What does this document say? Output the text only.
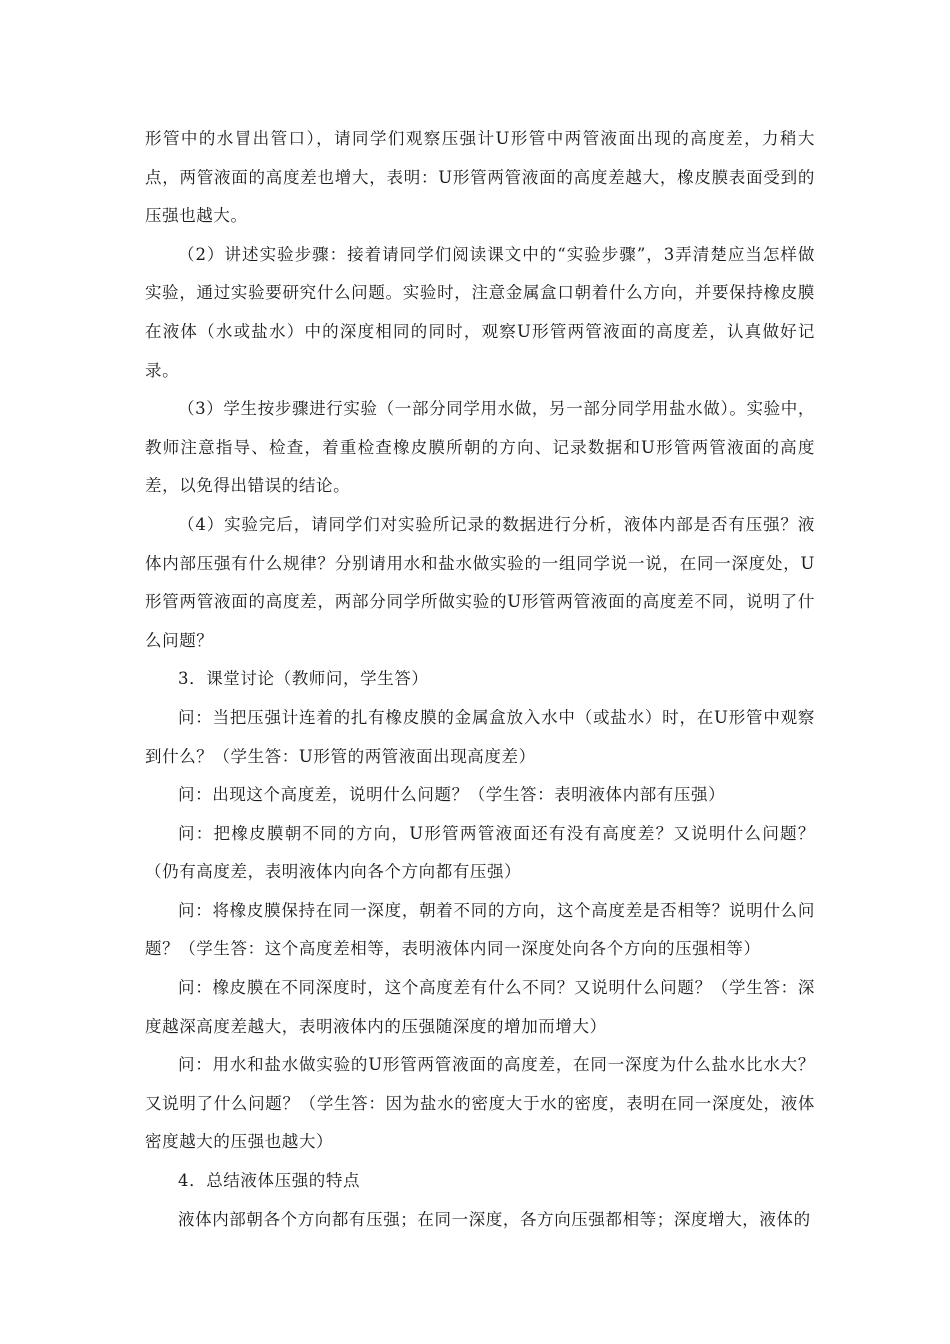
形管中的水冒出管口），请同学们观察压强计U形管中两管液面出现的高度差，力稍大点，两管液面的高度差也增大，表明：U形管两管液面的高度差越大，橡皮膜表面受到的压强也越大。

（2）讲述实验步骤：接着请同学们阅读课文中的“实验步骤”，3弄清楚应当怎样做实验，通过实验要研究什么问题。实验时，注意金属盒口朝着什么方向，并要保持橡皮膜在液体（水或盐水）中的深度相同的同时，观察U形管两管液面的高度差，认真做好记录。

（3）学生按步骤进行实验（一部分同学用水做，另一部分同学用盐水做）。实验中，教师注意指导、检查，着重检查橡皮膜所朝的方向、记录数据和U形管两管液面的高度差，以免得出错误的结论。

（4）实验完后，请同学们对实验所记录的数据进行分析，液体内部是否有压强？液体内部压强有什么规律？分别请用水和盐水做实验的一组同学说一说，在同一深度处，U形管两管液面的高度差，两部分同学所做实验的U形管两管液面的高度差不同，说明了什么问题？

3．课堂讨论（教师问，学生答）

问：当把压强计连着的扎有橡皮膜的金属盒放入水中（或盐水）时，在U形管中观察到什么？（学生答：U形管的两管液面出现高度差）

问：出现这个高度差，说明什么问题？（学生答：表明液体内部有压强）

问：把橡皮膜朝不同的方向，U形管两管液面还有没有高度差？又说明什么问题？（仍有高度差，表明液体内向各个方向都有压强）

问：将橡皮膜保持在同一深度，朝着不同的方向，这个高度差是否相等？说明什么问题？（学生答：这个高度差相等，表明液体内同一深度处向各个方向的压强相等）

问：橡皮膜在不同深度时，这个高度差有什么不同？又说明什么问题？（学生答：深度越深高度差越大，表明液体内的压强随深度的增加而增大）

问：用水和盐水做实验的U形管两管液面的高度差，在同一深度为什么盐水比水大？又说明了什么问题？（学生答：因为盐水的密度大于水的密度，表明在同一深度处，液体密度越大的压强也越大）

4．总结液体压强的特点

液体内部朝各个方向都有压强；在同一深度，各方向压强都相等；深度增大，液体的
